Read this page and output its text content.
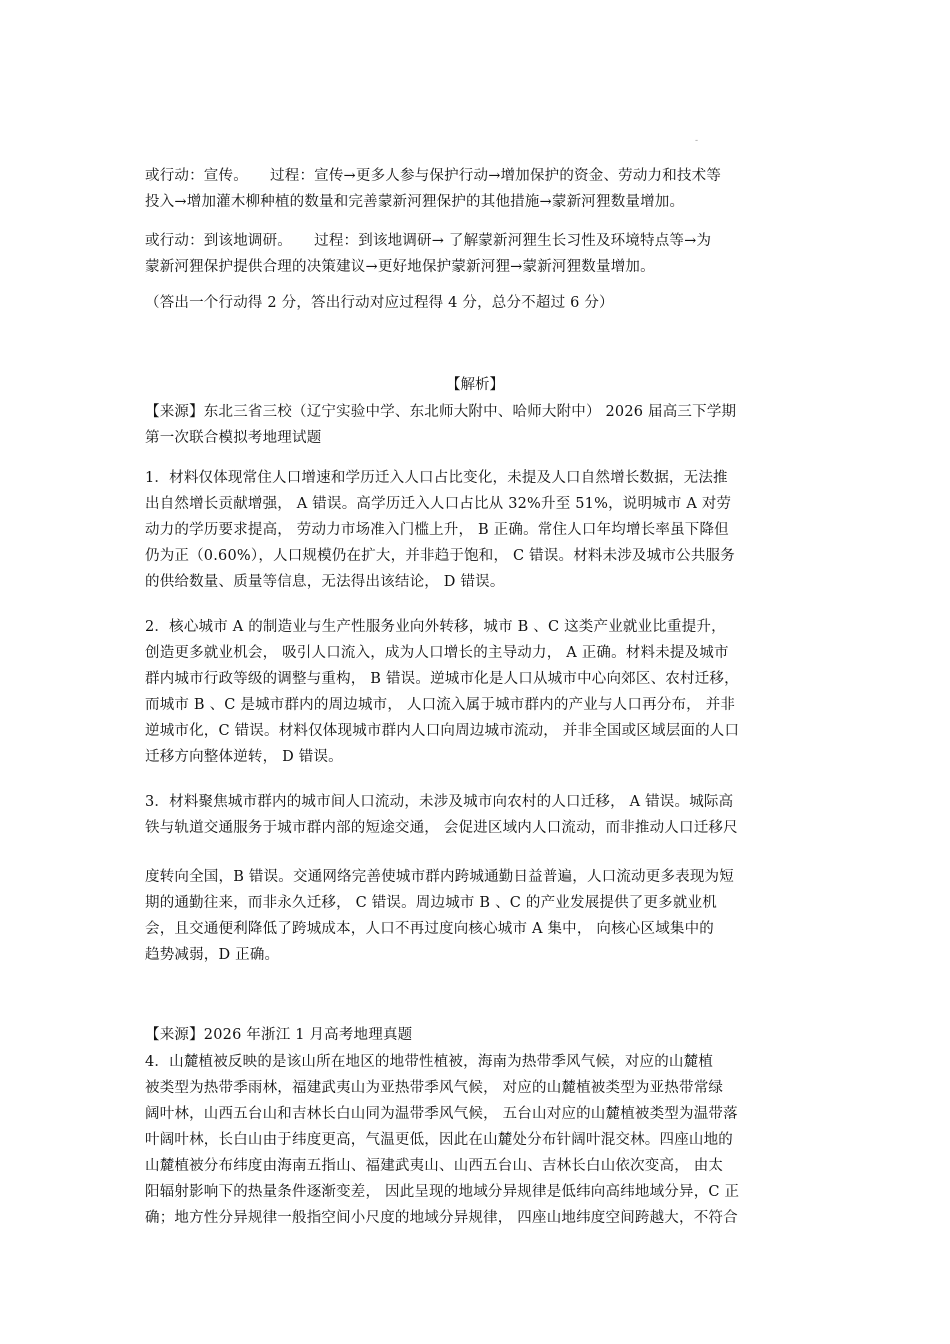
-
或行动：宣传。　　过程：宣传→更多人参与保护行动→增加保护的资金、劳动力和技术等
投入→增加灌木柳种植的数量和完善蒙新河狸保护的其他措施→蒙新河狸数量增加。
或行动：到该地调研。　　过程：到该地调研→ 了解蒙新河狸生长习性及环境特点等→为
蒙新河狸保护提供合理的决策建议→更好地保护蒙新河狸→蒙新河狸数量增加。
（答出一个行动得 2 分，答出行动对应过程得 4 分，总分不超过 6 分）
【解析】
【来源】东北三省三校（辽宁实验中学、东北师大附中、哈师大附中） 2026 届高三下学期
第一次联合模拟考地理试题
1．材料仅体现常住人口增速和学历迁入人口占比变化，未提及人口自然增长数据，无法推
出自然增长贡献增强， A 错误。高学历迁入人口占比从 32%升至 51%，说明城市 A 对劳
动力的学历要求提高， 劳动力市场准入门槛上升， B 正确。常住人口年均增长率虽下降但
仍为正（0.60%），人口规模仍在扩大，并非趋于饱和， C 错误。材料未涉及城市公共服务
的供给数量、质量等信息，无法得出该结论， D 错误。
2．核心城市 A 的制造业与生产性服务业向外转移，城市 B 、C 这类产业就业比重提升，
创造更多就业机会， 吸引人口流入，成为人口增长的主导动力， A 正确。材料未提及城市
群内城市行政等级的调整与重构， B 错误。逆城市化是人口从城市中心向郊区、农村迁移，
而城市 B 、C 是城市群内的周边城市， 人口流入属于城市群内的产业与人口再分布， 并非
逆城市化，C 错误。材料仅体现城市群内人口向周边城市流动， 并非全国或区域层面的人口
迁移方向整体逆转， D 错误。
3．材料聚焦城市群内的城市间人口流动，未涉及城市向农村的人口迁移， A 错误。城际高
铁与轨道交通服务于城市群内部的短途交通， 会促进区域内人口流动，而非推动人口迁移尺
度转向全国，B 错误。交通网络完善使城市群内跨城通勤日益普遍，人口流动更多表现为短
期的通勤往来，而非永久迁移， C 错误。周边城市 B 、C 的产业发展提供了更多就业机
会，且交通便利降低了跨城成本，人口不再过度向核心城市 A 集中， 向核心区域集中的
趋势减弱，D 正确。
【来源】2026 年浙江 1 月高考地理真题
4．山麓植被反映的是该山所在地区的地带性植被，海南为热带季风气候，对应的山麓植
被类型为热带季雨林，福建武夷山为亚热带季风气候， 对应的山麓植被类型为亚热带常绿
阔叶林，山西五台山和吉林长白山同为温带季风气候， 五台山对应的山麓植被类型为温带落
叶阔叶林，长白山由于纬度更高，气温更低，因此在山麓处分布针阔叶混交林。四座山地的
山麓植被分布纬度由海南五指山、福建武夷山、山西五台山、吉林长白山依次变高， 由太
阳辐射影响下的热量条件逐渐变差， 因此呈现的地域分异规律是低纬向高纬地域分异，C 正
确；地方性分异规律一般指空间小尺度的地域分异规律， 四座山地纬度空间跨越大，不符合
